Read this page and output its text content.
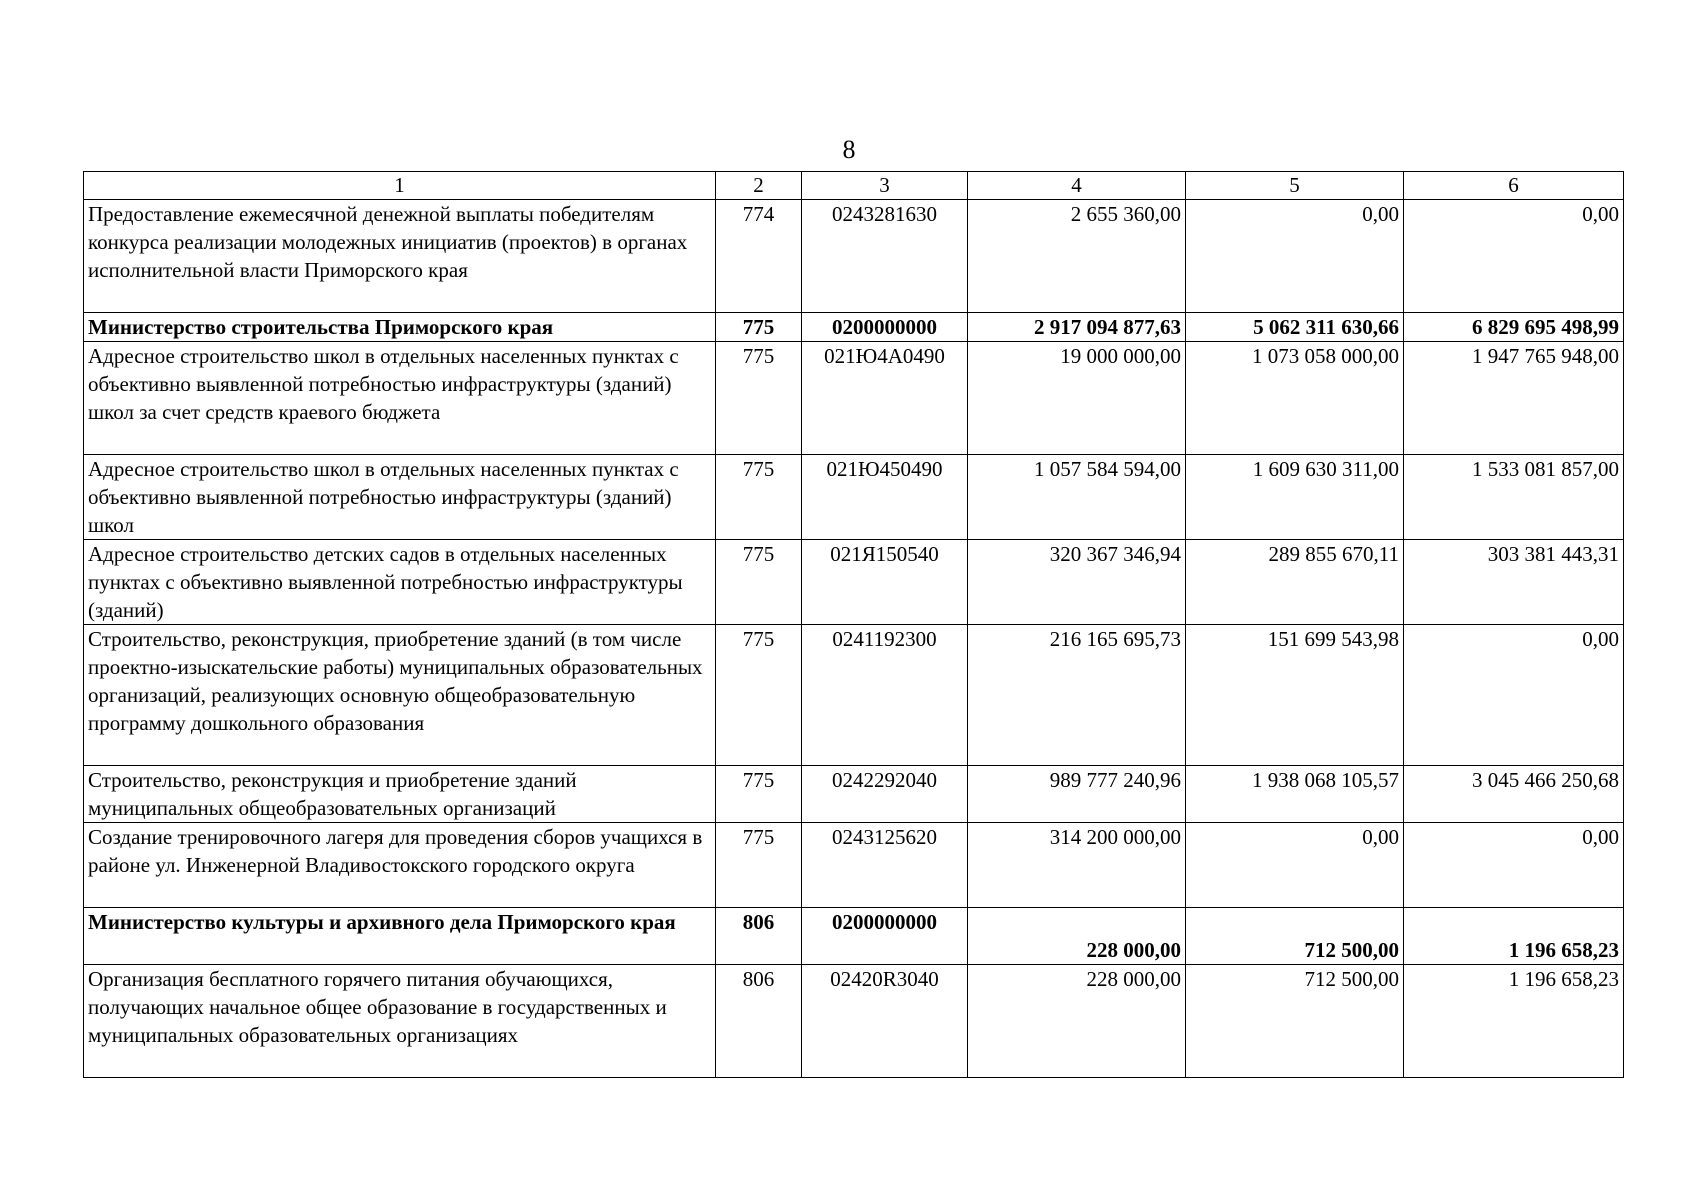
8
1	2	3	4	5	6
Предоставление ежемесячной денежной выплаты победителям конкурса реализации молодежных инициатив (проектов) в органах исполнительной власти Приморского края	774	0243281630	2 655 360,00	0,00	0,00
Министерство строительства Приморского края	775	0200000000	2 917 094 877,63	5 062 311 630,66	6 829 695 498,99
Адресное строительство школ в отдельных населенных пунктах с объективно выявленной потребностью инфраструктуры (зданий) школ за счет средств краевого бюджета	775	021Ю4А0490	19 000 000,00	1 073 058 000,00	1 947 765 948,00
Адресное строительство школ в отдельных населенных пунктах с объективно выявленной потребностью инфраструктуры (зданий) школ	775	021Ю450490	1 057 584 594,00	1 609 630 311,00	1 533 081 857,00
Адресное строительство детских садов в отдельных населенных пунктах с объективно выявленной потребностью инфраструктуры (зданий)	775	021Я150540	320 367 346,94	289 855 670,11	303 381 443,31
Строительство, реконструкция, приобретение зданий (в том числе проектно-изыскательские работы) муниципальных образовательных организаций, реализующих основную общеобразовательную программу дошкольного образования	775	0241192300	216 165 695,73	151 699 543,98	0,00
Строительство, реконструкция и приобретение зданий муниципальных общеобразовательных организаций	775	0242292040	989 777 240,96	1 938 068 105,57	3 045 466 250,68
Создание тренировочного лагеря для проведения сборов учащихся в районе ул. Инженерной Владивостокского городского округа	775	0243125620	314 200 000,00	0,00	0,00
Министерство культуры и архивного дела Приморского края	806	0200000000	228 000,00	712 500,00	1 196 658,23
Организация бесплатного горячего питания обучающихся, получающих начальное общее образование в государственных и муниципальных образовательных организациях	806	02420R3040	228 000,00	712 500,00	1 196 658,23
